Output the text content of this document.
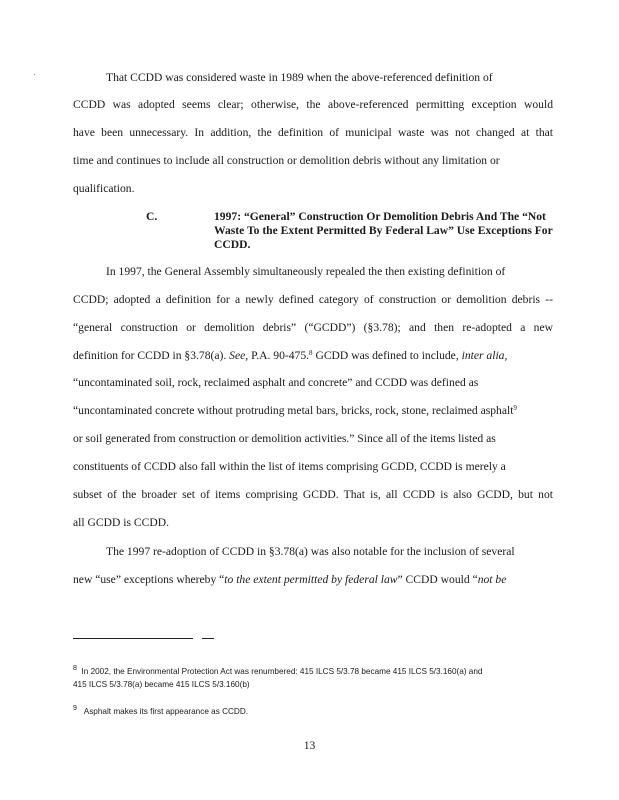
That CCDD was considered waste in 1989 when the above-referenced definition of
CCDD was adopted seems clear; otherwise, the above-referenced permitting exception would
have been unnecessary. In addition, the definition of municipal waste was not changed at that
time and continues to include all construction or demolition debris without any limitation or
qualification.
C.	1997: “General” Construction Or Demolition Debris And The “Not
Waste To the Extent Permitted By Federal Law” Use Exceptions For
CCDD.
In 1997, the General Assembly simultaneously repealed the then existing definition of
CCDD; adopted a definition for a newly defined category of construction or demolition debris --
“general construction or demolition debris” (“GCDD”) (§3.78); and then re-adopted a new
definition for CCDD in §3.78(a). See, P.A. 90-475.$^8$ GCDD was defined to include, inter alia,
“uncontaminated soil, rock, reclaimed asphalt and concrete” and CCDD was defined as
“uncontaminated concrete without protruding metal bars, bricks, rock, stone, reclaimed asphalt$^9$
or soil generated from construction or demolition activities.” Since all of the items listed as
constituents of CCDD also fall within the list of items comprising GCDD, CCDD is merely a
subset of the broader set of items comprising GCDD. That is, all CCDD is also GCDD, but not
all GCDD is CCDD.
The 1997 re-adoption of CCDD in §3.78(a) was also notable for the inclusion of several
new “use” exceptions whereby “to the extent permitted by federal law” CCDD would “not be
$^8$ In 2002, the Environmental Protection Act was renumbered: 415 ILCS 5/3.78 became 415 ILCS 5/3.160(a) and
415 ILCS 5/3.78(a) became 415 ILCS 5/3.160(b)
$^9$ Asphalt makes its first appearance as CCDD.
13
